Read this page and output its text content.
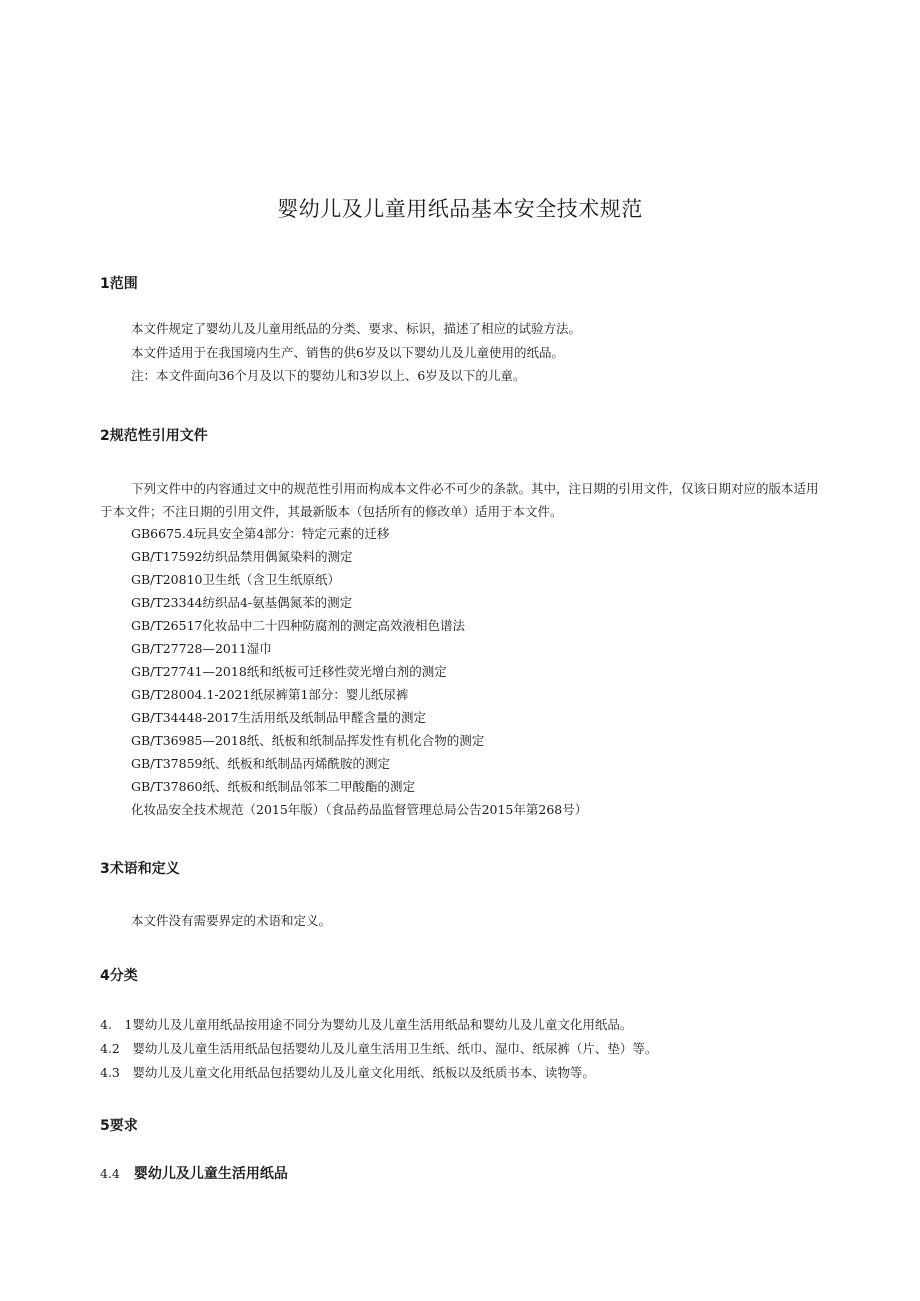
婴幼儿及儿童用纸品基本安全技术规范
1范围
本文件规定了婴幼儿及儿童用纸品的分类、要求、标识，描述了相应的试验方法。
本文件适用于在我国境内生产、销售的供6岁及以下婴幼儿及儿童使用的纸品。
注：本文件面向36个月及以下的婴幼儿和3岁以上、6岁及以下的儿童。
2规范性引用文件
下列文件中的内容通过文中的规范性引用而构成本文件必不可少的条款。其中，注日期的引用文件，仅该日期对应的版本适用于本文件；不注日期的引用文件，其最新版本（包括所有的修改单）适用于本文件。
GB6675.4玩具安全第4部分：特定元素的迁移
GB/T17592纺织品禁用偶氮染料的测定
GB/T20810卫生纸（含卫生纸原纸）
GB/T23344纺织品4-氨基偶氮苯的测定
GB/T26517化妆品中二十四种防腐剂的测定高效液相色谱法
GB/T27728—2011湿巾
GB/T27741—2018纸和纸板可迁移性荧光增白剂的测定
GB/T28004.1-2021纸尿裤第1部分：婴儿纸尿裤
GB/T34448-2017生活用纸及纸制品甲醛含量的测定
GB/T36985—2018纸、纸板和纸制品挥发性有机化合物的测定
GB/T37859纸、纸板和纸制品丙烯酰胺的测定
GB/T37860纸、纸板和纸制品邻苯二甲酸酯的测定
化妆品安全技术规范（2015年版）（食品药品监督管理总局公告2015年第268号）
3术语和定义
本文件没有需要界定的术语和定义。
4分类
4.　1婴幼儿及儿童用纸品按用途不同分为婴幼儿及儿童生活用纸品和婴幼儿及儿童文化用纸品。
4.2　婴幼儿及儿童生活用纸品包括婴幼儿及儿童生活用卫生纸、纸巾、湿巾、纸尿裤（片、垫）等。
4.3　婴幼儿及儿童文化用纸品包括婴幼儿及儿童文化用纸、纸板以及纸质书本、读物等。
5要求
4.4 婴幼儿及儿童生活用纸品
